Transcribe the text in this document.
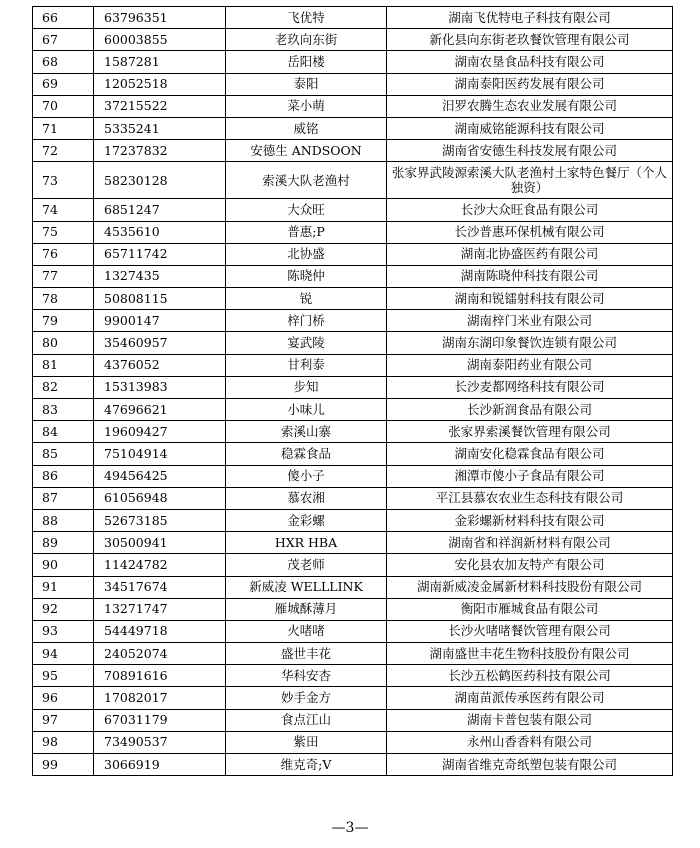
66	63796351	飞优特	湖南飞优特电子科技有限公司
67	60003855	老玖向东街	新化县向东街老玖餐饮管理有限公司
68	1587281	岳阳楼	湖南农垦食品科技有限公司
69	12052518	泰阳	湖南泰阳医药发展有限公司
70	37215522	菜小萌	汨罗农腾生态农业发展有限公司
71	5335241	威铭	湖南威铭能源科技有限公司
72	17237832	安德生 ANDSOON	湖南省安德生科技发展有限公司
73	58230128	索溪大队老渔村	张家界武陵源索溪大队老渔村土家特色餐厅（个人独资）
74	6851247	大众旺	长沙大众旺食品有限公司
75	4535610	普惠;P	长沙普惠环保机械有限公司
76	65711742	北协盛	湖南北协盛医药有限公司
77	1327435	陈晓仲	湖南陈晓仲科技有限公司
78	50808115	锐	湖南和锐镭射科技有限公司
79	9900147	梓门桥	湖南梓门米业有限公司
80	35460957	宴武陵	湖南东湖印象餐饮连锁有限公司
81	4376052	甘利泰	湖南泰阳药业有限公司
82	15313983	步知	长沙麦都网络科技有限公司
83	47696621	小味儿	长沙新润食品有限公司
84	19609427	索溪山寨	张家界索溪餐饮管理有限公司
85	75104914	稳霖食品	湖南安化稳霖食品有限公司
86	49456425	傻小子	湘潭市傻小子食品有限公司
87	61056948	慕农湘	平江县慕农农业生态科技有限公司
88	52673185	金彩螺	金彩螺新材料科技有限公司
89	30500941	HXR HBA	湖南省和祥润新材料有限公司
90	11424782	茂老师	安化县农加友特产有限公司
91	34517674	新威凌 WELLLINK	湖南新威凌金属新材料科技股份有限公司
92	13271747	雁城酥薄月	衡阳市雁城食品有限公司
93	54449718	火啫啫	长沙火啫啫餐饮管理有限公司
94	24052074	盛世丰花	湖南盛世丰花生物科技股份有限公司
95	70891616	华科安杏	长沙五松鹤医药科技有限公司
96	17082017	妙手金方	湖南苗派传承医药有限公司
97	67031179	食点江山	湖南卡普包装有限公司
98	73490537	紫田	永州山香香料有限公司
99	3066919	维克奇;V	湖南省维克奇纸塑包装有限公司
—3—
